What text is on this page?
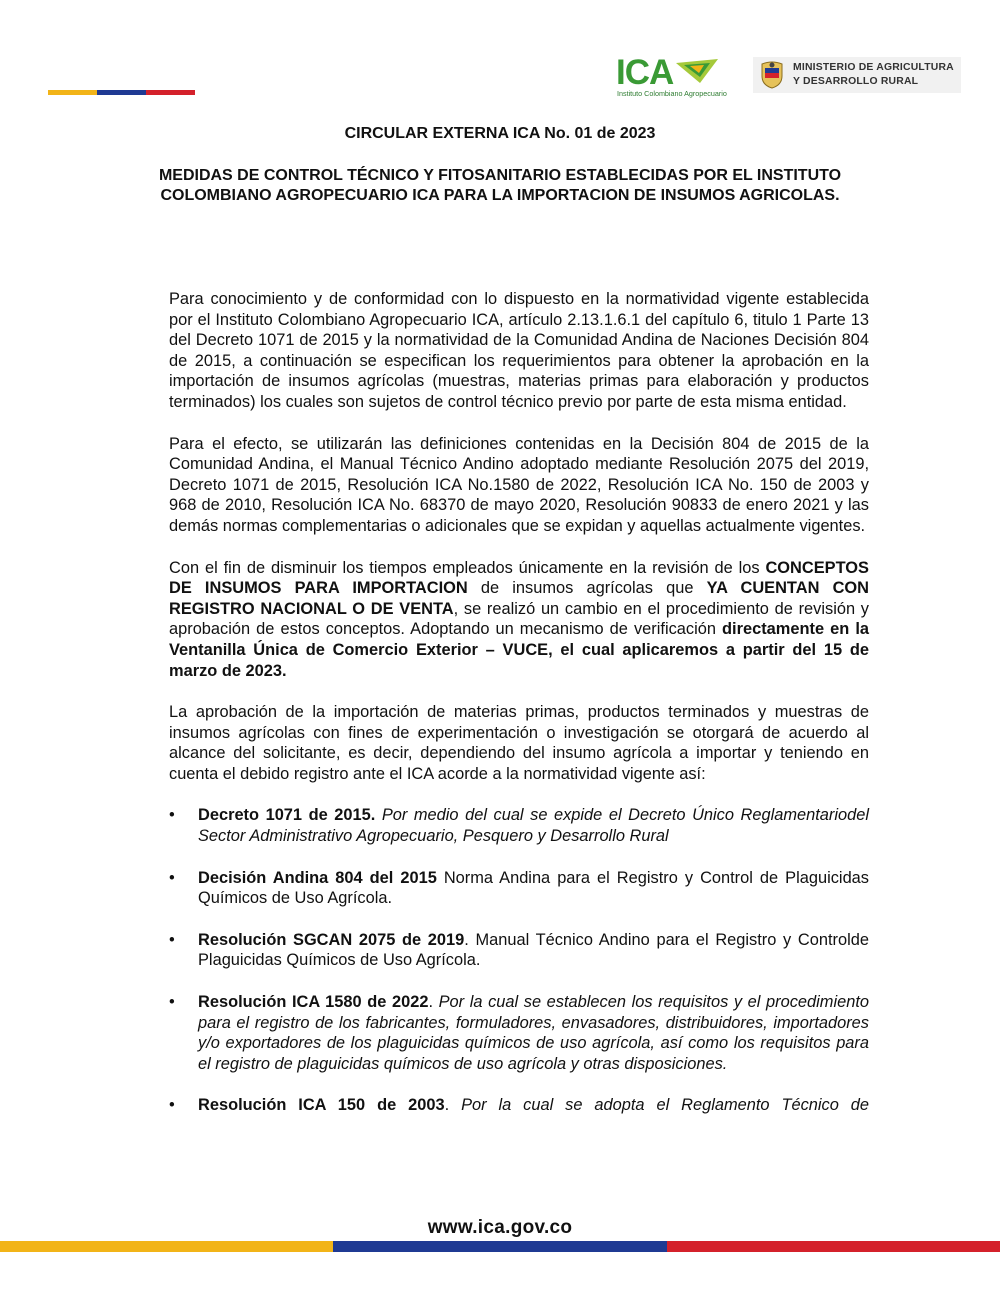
ICA
Instituto Colombiano Agropecuario
MINISTERIO DE AGRICULTURA
Y DESARROLLO RURAL
CIRCULAR EXTERNA ICA No. 01 de 2023
MEDIDAS DE CONTROL TÉCNICO Y FITOSANITARIO ESTABLECIDAS POR EL INSTITUTO COLOMBIANO AGROPECUARIO ICA PARA LA IMPORTACION DE INSUMOS AGRICOLAS.

Para conocimiento y de conformidad con lo dispuesto en la normatividad vigente establecida por el Instituto Colombiano Agropecuario ICA, artículo 2.13.1.6.1 del capítulo 6, titulo 1 Parte 13 del Decreto 1071 de 2015 y la normatividad de la Comunidad Andina de Naciones Decisión 804 de 2015, a continuación se especifican los requerimientos para obtener la aprobación en la importación de insumos agrícolas (muestras, materias primas para elaboración y productos terminados) los cuales son sujetos de control técnico previo por parte de esta misma entidad.

Para el efecto, se utilizarán las definiciones contenidas en la Decisión 804 de 2015 de la Comunidad Andina, el Manual Técnico Andino adoptado mediante Resolución 2075 del 2019, Decreto 1071 de 2015, Resolución ICA No.1580 de 2022, Resolución ICA No. 150 de 2003 y 968 de 2010, Resolución ICA No. 68370 de mayo 2020, Resolución 90833 de enero 2021 y las demás normas complementarias o adicionales que se expidan y aquellas actualmente vigentes.

Con el fin de disminuir los tiempos empleados únicamente en la revisión de los CONCEPTOS DE INSUMOS PARA IMPORTACION de insumos agrícolas que YA CUENTAN CON REGISTRO NACIONAL O DE VENTA, se realizó un cambio en el procedimiento de revisión y aprobación de estos conceptos. Adoptando un mecanismo de verificación directamente en la Ventanilla Única de Comercio Exterior – VUCE, el cual aplicaremos a partir del 15 de marzo de 2023.

La aprobación de la importación de materias primas, productos terminados y muestras de insumos agrícolas con fines de experimentación o investigación se otorgará de acuerdo al alcance del solicitante, es decir, dependiendo del insumo agrícola a importar y teniendo en cuenta el debido registro ante el ICA acorde a la normatividad vigente así:

• Decreto 1071 de 2015. Por medio del cual se expide el Decreto Único Reglamentariodel Sector Administrativo Agropecuario, Pesquero y Desarrollo Rural
• Decisión Andina 804 del 2015 Norma Andina para el Registro y Control de Plaguicidas Químicos de Uso Agrícola.
• Resolución SGCAN 2075 de 2019. Manual Técnico Andino para el Registro y Controlde Plaguicidas Químicos de Uso Agrícola.
• Resolución ICA 1580 de 2022. Por la cual se establecen los requisitos y el procedimiento para el registro de los fabricantes, formuladores, envasadores, distribuidores, importadores y/o exportadores de los plaguicidas químicos de uso agrícola, así como los requisitos para el registro de plaguicidas químicos de uso agrícola y otras disposiciones.
• Resolución ICA 150 de 2003. Por la cual se adopta el Reglamento Técnico de
www.ica.gov.co
